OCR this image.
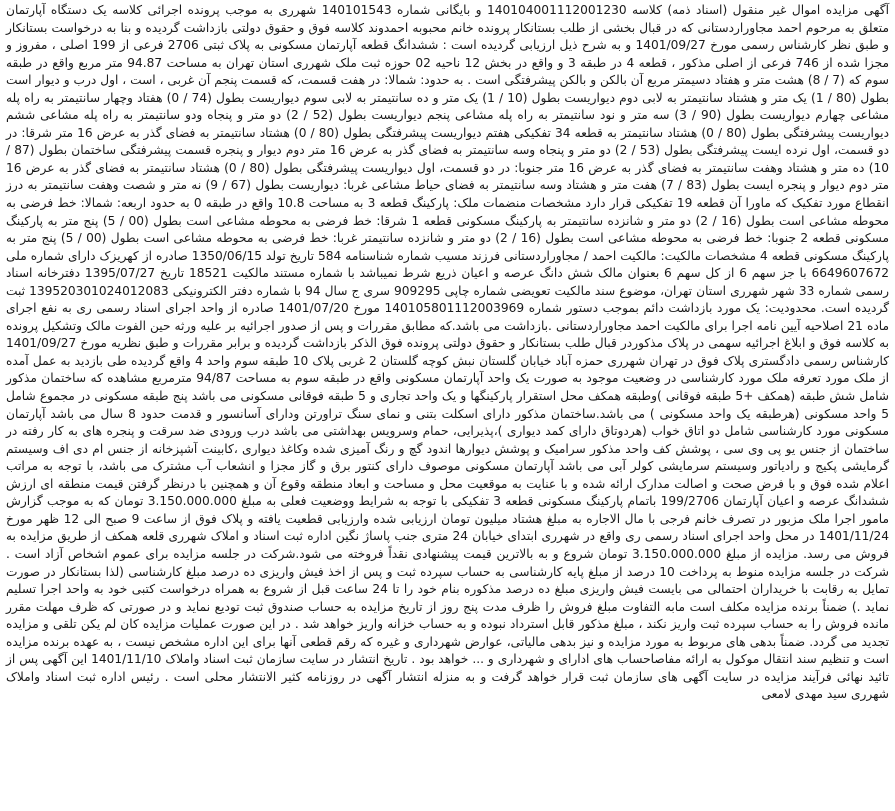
آگهی مزایده اموال غیر منقول (اسناد ذمه) کلاسه 140104001112001230 و بایگانی شماره 140101543 شهرری به موجب پرونده اجرائی کلاسه یک دستگاه آپارتمان متعلق به مرحوم احمد مجاوراردستانی که در قبال بخشی از طلب بستانکار پرونده خانم محبوبه احمدوند کلاسه فوق و حقوق دولتی بازداشت گردیده و بنا به درخواست بستانکار و طبق نظر کارشناس رسمی مورخ 1401/09/27 و به شرح ذیل ارزیابی گردیده است : ششدانگ قطعه آپارتمان مسکونی به پلاک ثبتی 2706 فرعی از 199 اصلی ، مفروز و مجزا شده از 746 فرعی از اصلی مذکور ، قطعه 4 در طبقه 3 و واقع در بخش 12 ناحیه 02 حوزه ثبت ملک شهرری استان تهران به مساحت 94.87 متر مربع واقع در طبقه سوم که (7 / 8) هشت متر و هفتاد دسیمتر مربع آن بالکن و بالکن پیشرفتگی است . به حدود: شمالا: در هفت قسمت، که قسمت پنجم آن غربی ، است ، اول درب و دیوار است بطول (80 / 1) یک متر و هشتاد سانتیمتر به لابی دوم دیواریست بطول (10 / 1) یک متر و ده سانتیمتر به لابی سوم دیواریست بطول (74 / 0) هفتاد وچهار سانتیمتر به راه پله مشاعی چهارم دیواریست بطول (90 / 3) سه متر و نود سانتیمتر به راه پله مشاعی پنجم دیواریست بطول (52 / 2) دو متر و پنجاه ودو سانتیمتر به راه پله مشاعی ششم دیواریست پیشرفتگی بطول (80 / 0) هشتاد سانتیمتر به قطعه 34 تفکیکی هفتم دیواریست پیشرفتگی بطول (80 / 0) هشتاد سانتیمتر به فضای گذر به عرض 16 متر شرقا: در دو قسمت، اول نرده ایست پیشرفتگی بطول (53 / 2) دو متر و پنجاه وسه سانتیمتر به فضای گذر به عرض 16 متر دوم دیوار و پنجره قسمت پیشرفتگی ساختمان بطول (87 / 10) ده متر و هشتاد وهفت سانتیمتر به فضای گذر به عرض 16 متر جنوبا: در دو قسمت، اول دیواریست پیشرفتگی بطول (80 / 0) هشتاد سانتیمتر به فضای گذر به عرض 16 متر دوم دیوار و پنجره ایست بطول (83 / 7) هفت متر و هشتاد وسه سانتیمتر به فضای حیاط مشاعی غربا: دیواریست بطول (67 / 9) نه متر و شصت وهفت سانتیمتر به درز انقطاع مورد تفکیک که ماورا آن قطعه 19 تفکیکی قرار دارد مشخصات منضمات ملک: پارکینگ قطعه 3 به مساحت 10.8 واقع در طبقه 0 به حدود اربعه: شمالا: خط فرضی به محوطه مشاعی است بطول (16 / 2) دو متر و شانزده سانتیمتر به پارکینگ مسکونی قطعه 1 شرقا: خط فرضی به محوطه مشاعی است بطول (00 / 5) پنج متر به پارکینگ مسکونی قطعه 2 جنوبا: خط فرضی به محوطه مشاعی است بطول (16 / 2) دو متر و شانزده سانتیمتر غربا: خط فرضی به محوطه مشاعی است بطول (00 / 5) پنج متر به پارکینگ مسکونی قطعه 4 مشخصات مالکیت: مالکیت احمد / مجاوراردستانی فرزند مسیب شماره شناسنامه 584 تاریخ تولد 1350/06/15 صادره از کهریزک دارای شماره ملی 6649607672 با جز سهم 6 از کل سهم 6 بعنوان مالک شش دانگ عرصه و اعیان ذریع شرط نمیباشد با شماره مستند مالکیت 18521 تاریخ 1395/07/27 دفترخانه اسناد رسمی شماره 33 شهر شهرری استان تهران، موضوع سند مالکیت تعویضی شماره چاپی 909295 سری ج سال 94 با شماره دفتر الکترونیکی 139520301024012083 ثبت گردیده است. محدودیت: یک مورد بازداشت دائم بموجب دستور شماره 140105801112003969 مورخ 1401/07/20 صادره از واحد اجرای اسناد رسمی ری به نفع اجرای ماده 21 اصلاحیه آیین نامه اجرا برای مالکیت احمد مجاوراردستانی .بازداشت می باشد.که مطابق مقررات و پس از صدور اجرائیه بر علیه ورثه حین الفوت مالک وتشکیل پرونده به کلاسه فوق و ابلاغ اجرائیه سهمی در پلاک مذکوردر قبال طلب بستانکار و حقوق دولتی پرونده فوق الذکر بازداشت گردیده و برابر مقررات و طبق نظریه مورخ 1401/09/27 کارشناس رسمی دادگستری پلاک فوق در تهران شهرری حمزه آباد خیابان گلستان نبش کوچه گلستان 2 غربی پلاک 10 طبقه سوم واحد 4 واقع گردیده طی بازدید به عمل آمده از ملک مورد تعرفه ملک مورد کارشناسی در وضعیت موجود به صورت یک واحد آپارتمان مسکونی واقع در طبقه سوم به مساحت 94/87 مترمربع مشاهده که ساختمان مذکور شامل شش طبقه (همکف +5 طبقه فوقانی )وطبقه همکف محل استقرار پارکینگها و یک واحد تجاری و 5 طبقه فوقانی مسکونی می باشد پنج طبقه مسکونی در مجموع شامل 5 واحد مسکونی (هرطبقه یک واحد مسکونی ) می باشد.ساختمان مذکور دارای اسکلت بتنی و نمای سنگ تراورتن ودارای آسانسور و قدمت حدود 8 سال می باشد آپارتمان مسکونی مورد کارشناسی شامل دو اتاق خواب (هردوتاق دارای کمد دیواری )،پذیرایی، حمام وسرویس بهداشتی می باشد درب ورودی ضد سرقت و پنجره های به کار رفته در ساختمان از جنس یو پی وی سی ، پوشش کف واحد مذکور سرامیک و پوشش دیوارها اندود گچ و رنگ آمیزی شده وکاغذ دیواری ،کابینت آشپزخانه از جنس ام دی اف وسیستم گرمایشی پکیج و رادیاتور وسیستم سرمایشی کولر آبی می باشد آپارتمان مسکونی موصوف دارای کنتور برق و گاز مجزا و انشعاب آب مشترک می باشد، با توجه به مراتب اعلام شده فوق و با فرض صحت و اصالت مدارک ارائه شده و با عنایت به موقعیت محل و مساحت و ابعاد منطقه وقوع آن و همچنین با درنظر گرفتن قیمت منطقه ای ارزش ششدانگ عرصه و اعیان آپارتمان 199/2706 باتمام پارکینگ مسکونی قطعه 3 تفکیکی با توجه به شرایط ووضعیت فعلی به مبلغ 3.150.000.000 تومان که به موجب گزارش مامور اجرا ملک مزبور در تصرف خانم فرجی با مال الاجاره به مبلغ هشتاد میلیون تومان ارزیابی شده وارزیابی قطعیت یافته و پلاک فوق از ساعت 9 صبح الی 12 ظهر مورخ 1401/11/24 در محل واحد اجرای اسناد رسمی ری واقع در شهرری ابتدای خیابان 24 متری جنب پاساژ نگین اداره ثبت اسناد و املاک شهرری قلعه همکف از طریق مزایده به فروش می رسد. مزایده از مبلغ 3.150.000.000 تومان شروع و به بالاترین قیمت پیشنهادی نقداً فروخته می شود.شرکت در جلسه مزایده برای عموم اشخاص آزاد است . شرکت در جلسه مزایده منوط به پرداخت 10 درصد از مبلغ پایه کارشناسی به حساب سپرده ثبت و پس از اخذ فیش واریزی ده درصد مبلغ کارشناسی (لذا بستانکار در صورت تمایل به رقابت با خریداران احتمالی می بایست فیش واریزی مبلغ ده درصد مذکوره بنام خود را تا 24 ساعت قبل از شروع به همراه درخواست کتبی خود به واحد اجرا تسلیم نماید .) ضمناً برنده مزایده مکلف است مابه التفاوت مبلغ فروش را ظرف مدت پنج روز از تاریخ مزایده به حساب صندوق ثبت تودیع نماید و در صورتی که ظرف مهلت مقرر مانده فروش را به حساب سپرده ثبت واریز نکند ، مبلغ مذکور قابل استرداد نبوده و به حساب خزانه واریز خواهد شد . در این صورت عملیات مزایده کان لم یکن تلقی و مزایده تجدید می گردد. ضمناً بدهی های مربوط به مورد مزایده و نیز بدهی مالیاتی، عوارض شهرداری و غیره که رقم قطعی آنها برای این اداره مشخص نیست ، به عهده برنده مزایده است و تنظیم سند انتقال موکول به ارائه مفاصاحساب های ادارای و شهرداری و ... خواهد بود . تاریخ انتشار در سایت سازمان ثبت اسناد واملاک 1401/11/10 این آگهی پس از تائید نهائی فرآیند مزایده در سایت آگهی های سازمان ثبت قرار خواهد گرفت و به منزله انتشار آگهی در روزنامه کثیر الانتشار محلی است . رئیس اداره ثبت اسناد واملاک شهرری سید مهدی لامعی
